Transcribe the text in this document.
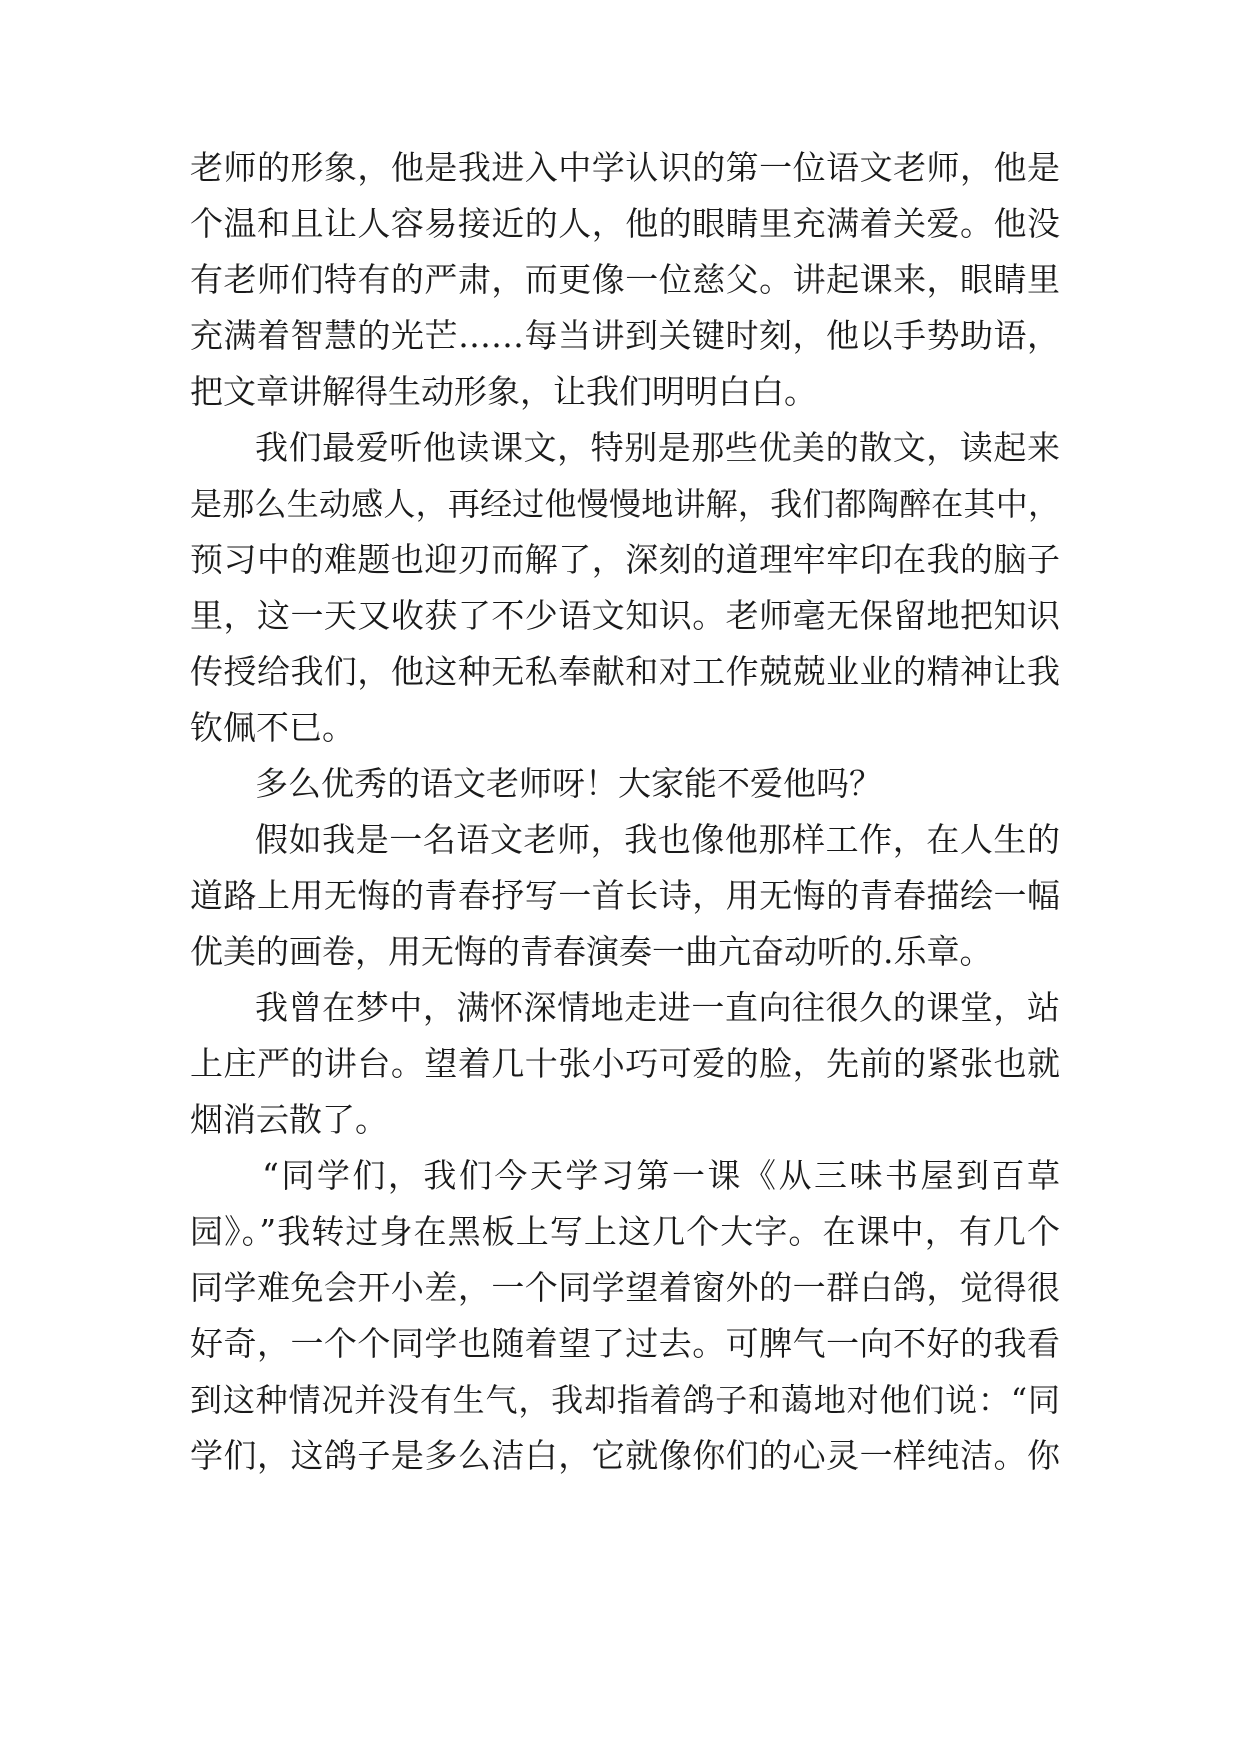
老师的形象，他是我进入中学认识的第一位语文老师，他是
个温和且让人容易接近的人，他的眼睛里充满着关爱。他没
有老师们特有的严肃，而更像一位慈父。讲起课来，眼睛里
充满着智慧的光芒……每当讲到关键时刻，他以手势助语，
把文章讲解得生动形象，让我们明明白白。
我们最爱听他读课文，特别是那些优美的散文，读起来
是那么生动感人，再经过他慢慢地讲解，我们都陶醉在其中，
预习中的难题也迎刃而解了，深刻的道理牢牢印在我的脑子
里，这一天又收获了不少语文知识。老师毫无保留地把知识
传授给我们，他这种无私奉献和对工作兢兢业业的精神让我
钦佩不已。
多么优秀的语文老师呀！大家能不爱他吗？
假如我是一名语文老师，我也像他那样工作，在人生的
道路上用无悔的青春抒写一首长诗，用无悔的青春描绘一幅
优美的画卷，用无悔的青春演奏一曲亢奋动听的.乐章。
我曾在梦中，满怀深情地走进一直向往很久的课堂，站
上庄严的讲台。望着几十张小巧可爱的脸，先前的紧张也就
烟消云散了。
“同学们，我们今天学习第一课《从三味书屋到百草
园》。”我转过身在黑板上写上这几个大字。在课中，有几个
同学难免会开小差，一个同学望着窗外的一群白鸽，觉得很
好奇，一个个同学也随着望了过去。可脾气一向不好的我看
到这种情况并没有生气，我却指着鸽子和蔼地对他们说：“同
学们，这鸽子是多么洁白，它就像你们的心灵一样纯洁。你
